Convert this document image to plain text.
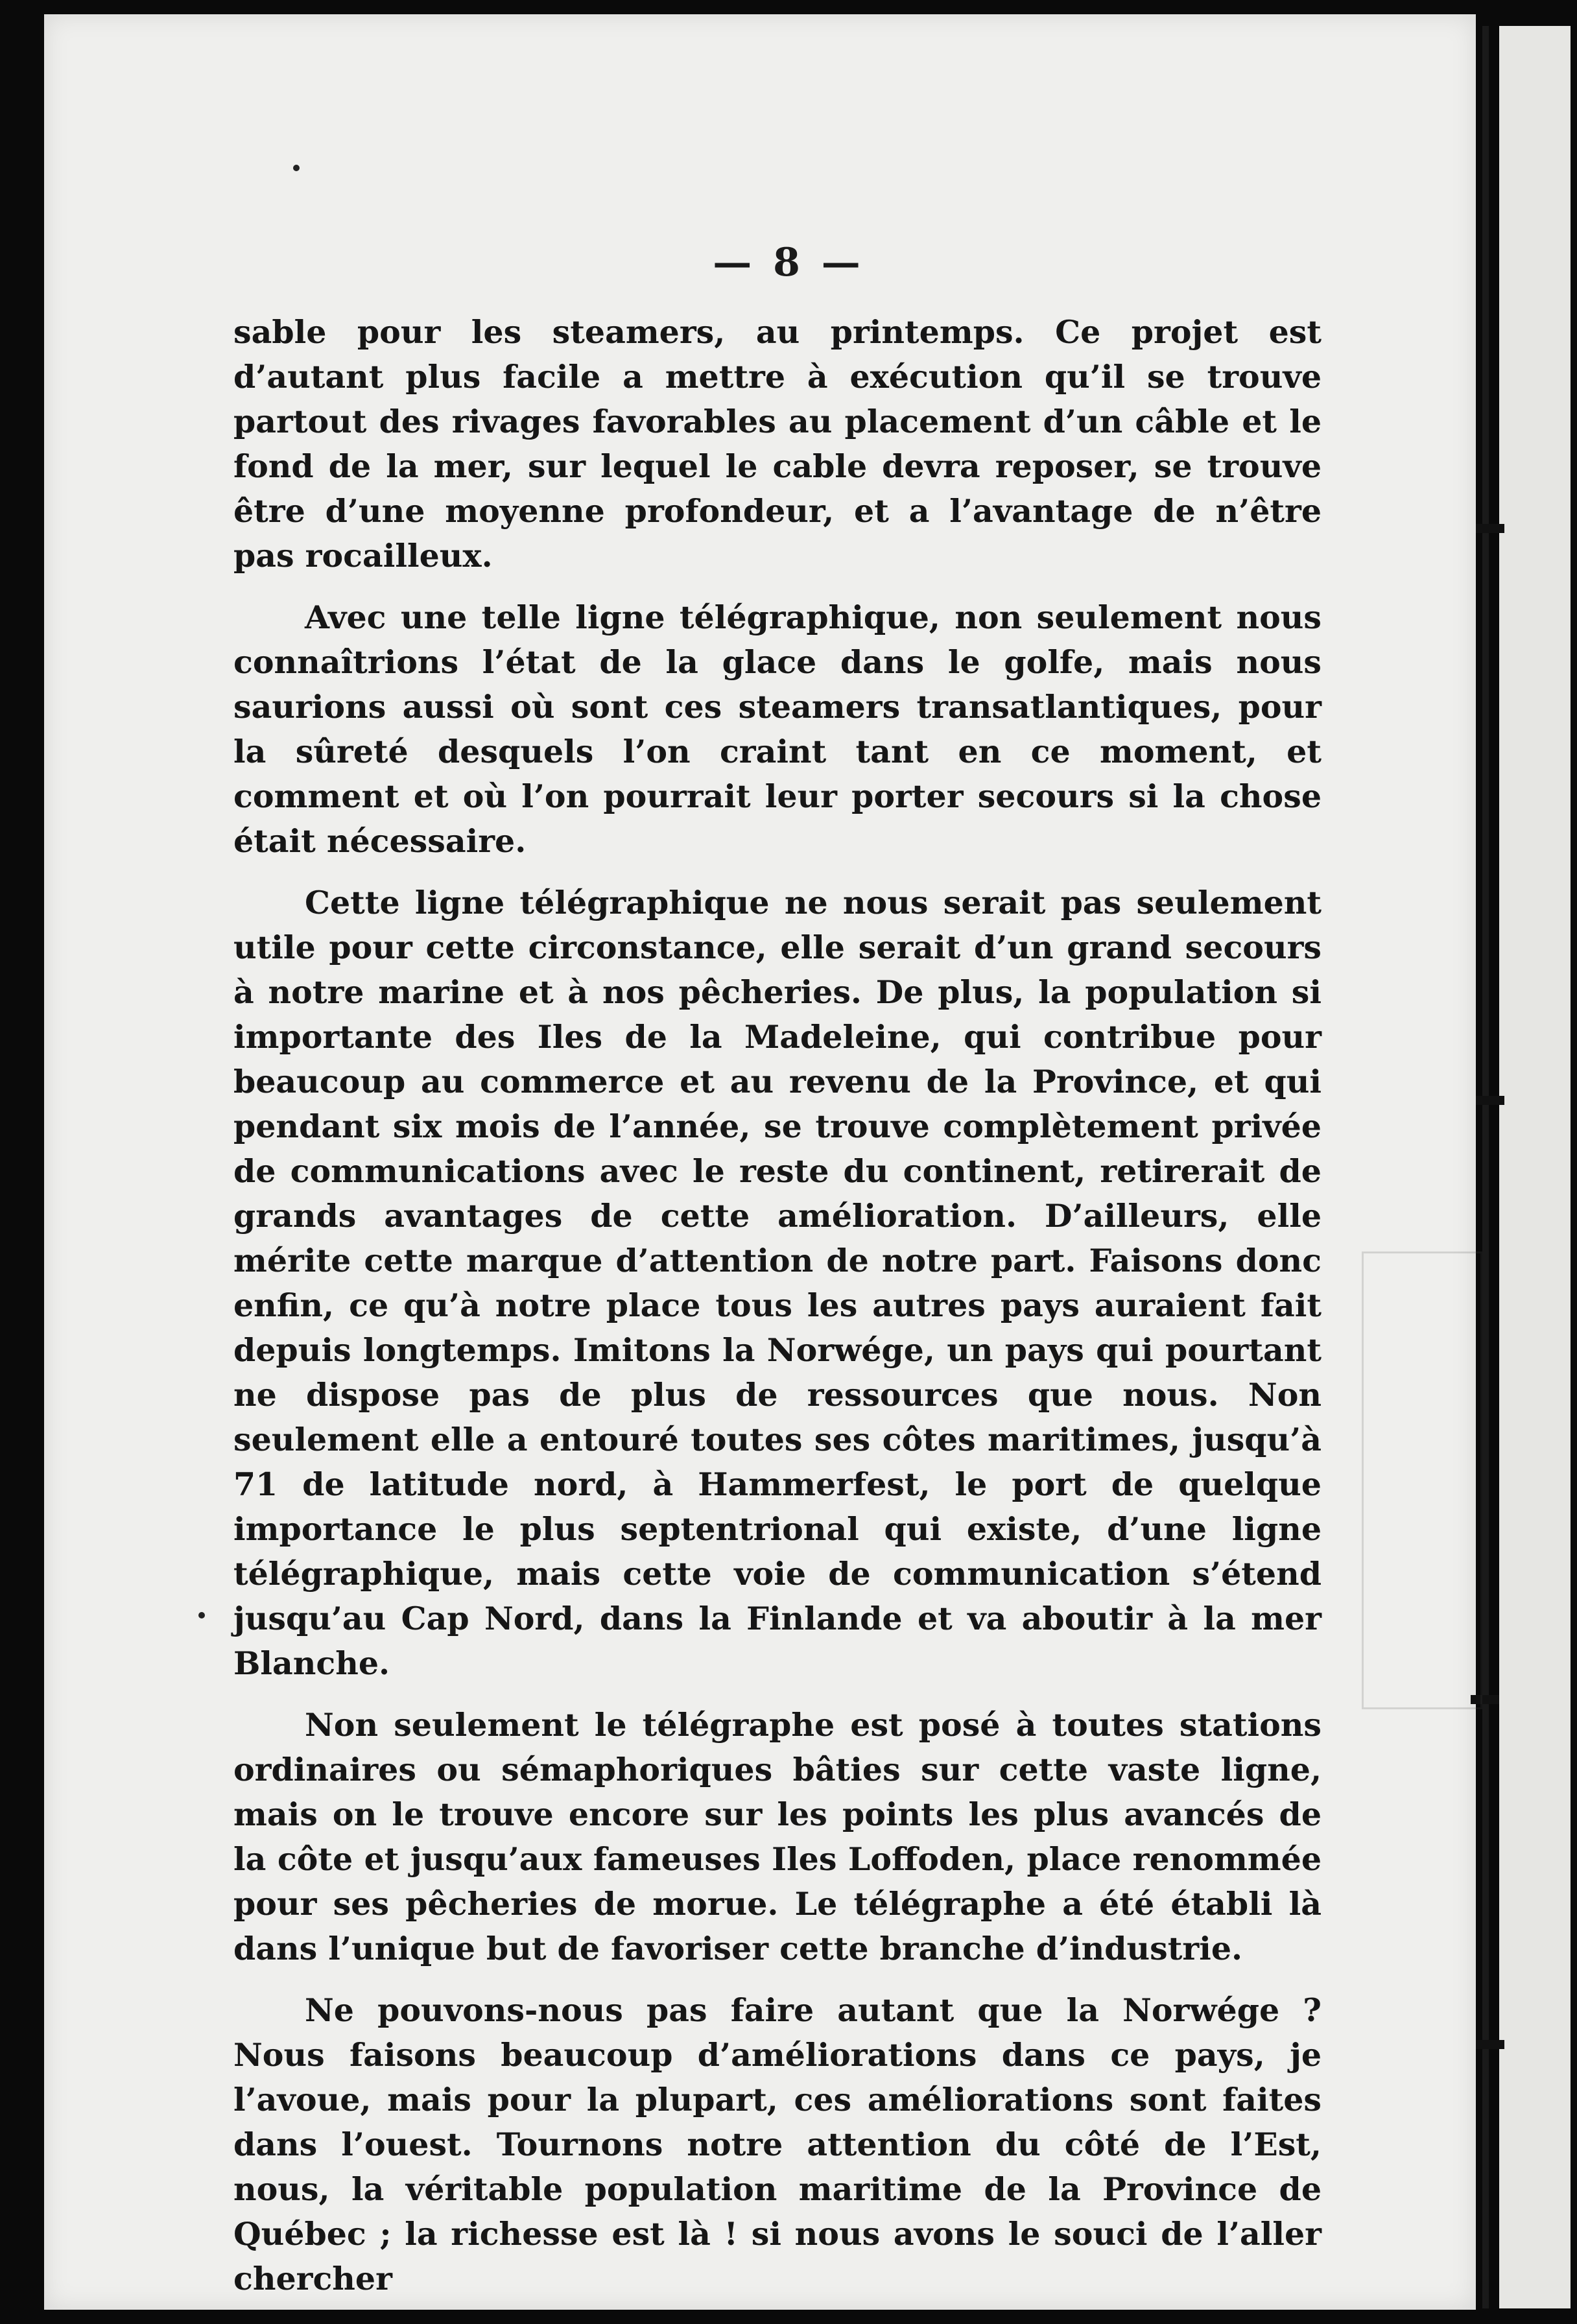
— 8 —

sable pour les steamers, au printemps. Ce projet est d’autant plus facile a mettre à exécution qu’il se trouve partout des rivages favorables au placement d’un câble et le fond de la mer, sur lequel le cable devra reposer, se trouve être d’une moyenne profondeur, et a l’avantage de n’être pas rocailleux.

Avec une telle ligne télégraphique, non seulement nous connaîtrions l’état de la glace dans le golfe, mais nous saurions aussi où sont ces steamers transatlantiques, pour la sûreté desquels l’on craint tant en ce moment, et comment et où l’on pourrait leur porter secours si la chose était nécessaire.

Cette ligne télégraphique ne nous serait pas seulement utile pour cette circonstance, elle serait d’un grand secours à notre marine et à nos pêcheries. De plus, la population si importante des Iles de la Madeleine, qui contribue pour beaucoup au commerce et au revenu de la Province, et qui pendant six mois de l’année, se trouve complètement privée de communications avec le reste du continent, retirerait de grands avantages de cette amélioration. D’ailleurs, elle mérite cette marque d’attention de notre part. Faisons donc enfin, ce qu’à notre place tous les autres pays auraient fait depuis longtemps. Imitons la Norwége, un pays qui pourtant ne dispose pas de plus de ressources que nous. Non seulement elle a entouré toutes ses côtes maritimes, jusqu’à 71 de latitude nord, à Hammerfest, le port de quelque importance le plus septentrional qui existe, d’une ligne télégraphique, mais cette voie de communication s’étend jusqu’au Cap Nord, dans la Finlande et va aboutir à la mer Blanche.

Non seulement le télégraphe est posé à toutes stations ordinaires ou sémaphoriques bâties sur cette vaste ligne, mais on le trouve encore sur les points les plus avancés de la côte et jusqu’aux fameuses Iles Loffoden, place renommée pour ses pêcheries de morue. Le télégraphe a été établi là dans l’unique but de favoriser cette branche d’industrie.

Ne pouvons-nous pas faire autant que la Norwége ? Nous faisons beaucoup d’améliorations dans ce pays, je l’avoue, mais pour la plupart, ces améliorations sont faites dans l’ouest. Tournons notre attention du côté de l’Est, nous, la véritable population maritime de la Province de Québec ; la richesse est là ! si nous avons le souci de l’aller chercher
